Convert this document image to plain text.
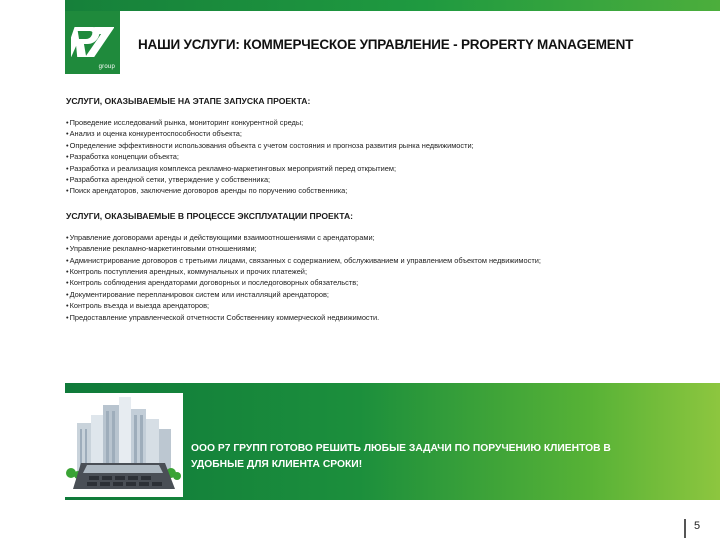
group
НАШИ УСЛУГИ: КОММЕРЧЕСКОЕ УПРАВЛЕНИЕ - PROPERTY MANAGEMENT
УСЛУГИ, ОКАЗЫВАЕМЫЕ НА ЭТАПЕ ЗАПУСКА ПРОЕКТА:
• Проведение исследований рынка, мониторинг конкурентной среды;
• Анализ и оценка конкурентоспособности объекта;
• Определение эффективности использования объекта с учетом состояния и прогноза развития рынка недвижимости;
• Разработка концепции объекта;
• Разработка и реализация комплекса рекламно-маркетинговых мероприятий перед открытием;
• Разработка арендной сетки, утверждение у собственника;
• Поиск арендаторов, заключение договоров аренды по поручению собственника;
УСЛУГИ, ОКАЗЫВАЕМЫЕ В ПРОЦЕССЕ ЭКСПЛУАТАЦИИ ПРОЕКТА:
• Управление договорами аренды и действующими взаимоотношениями с арендаторами;
• Управление рекламно-маркетинговыми отношениями;
• Администрирование договоров с третьими лицами, связанных с содержанием, обслуживанием и управлением объектом недвижимости;
• Контроль поступления арендных, коммунальных и прочих платежей;
• Контроль соблюдения арендаторами договорных и последоговорных обязательств;
• Документирование перепланировок систем или инсталляций арендаторов;
• Контроль въезда и выезда арендаторов;
• Предоставление управленческой отчетности Собственнику коммерческой недвижимости.
ООО Р7 ГРУПП ГОТОВО РЕШИТЬ ЛЮБЫЕ ЗАДАЧИ ПО ПОРУЧЕНИЮ КЛИЕНТОВ В УДОБНЫЕ ДЛЯ КЛИЕНТА СРОКИ!
5
